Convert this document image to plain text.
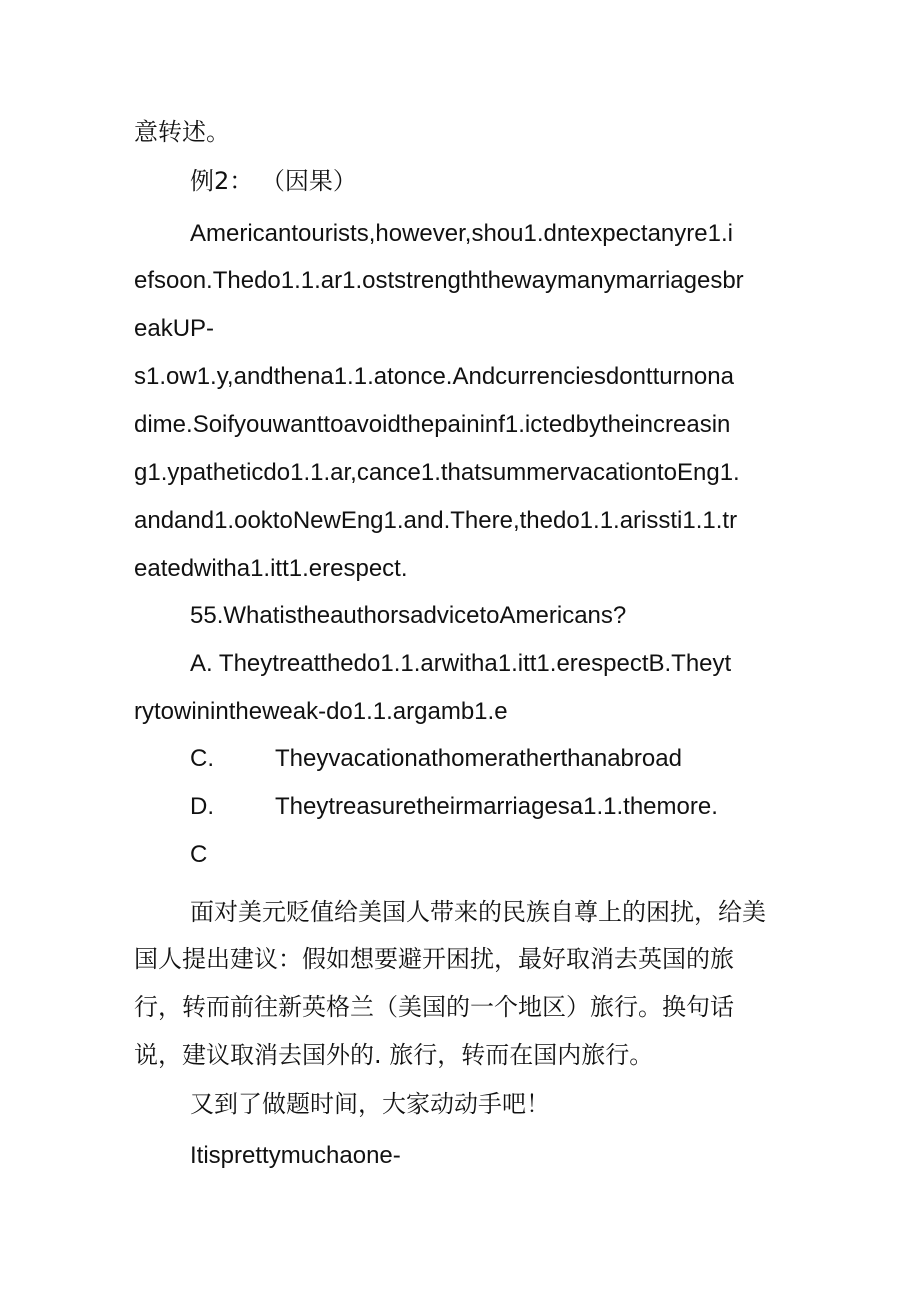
意转述。
例2： （因果）
Americantourists,however,shou1.dntexpectanyre1.i
efsoon.Thedo1.1.ar1.oststrengththewaymanymarriagesbr
eakUP-
s1.ow1.y,andthena1.1.atonce.Andcurrenciesdontturnona
dime.Soifyouwanttoavoidthepaininf1.ictedbytheincreasin
g1.ypatheticdo1.1.ar,cance1.thatsummervacationtoEng1.
andand1.ooktoNewEng1.and.There,thedo1.1.arissti1.1.tr
eatedwitha1.itt1.erespect.
55.WhatistheauthorsadvicetoAmericans?
A. Theytreatthedo1.1.arwitha1.itt1.erespectB.Theyt
rytowinintheweak-do1.1.argamb1.e
C.	Theyvacationathomeratherthanabroad
D.	Theytreasuretheirmarriagesa1.1.themore.
C
面对美元贬值给美国人带来的民族自尊上的困扰，给美
国人提出建议：假如想要避开困扰，最好取消去英国的旅
行，转而前往新英格兰（美国的一个地区）旅行。换句话
说，建议取消去国外的. 旅行，转而在国内旅行。
又到了做题时间，大家动动手吧！
Itisprettymuchaone-
